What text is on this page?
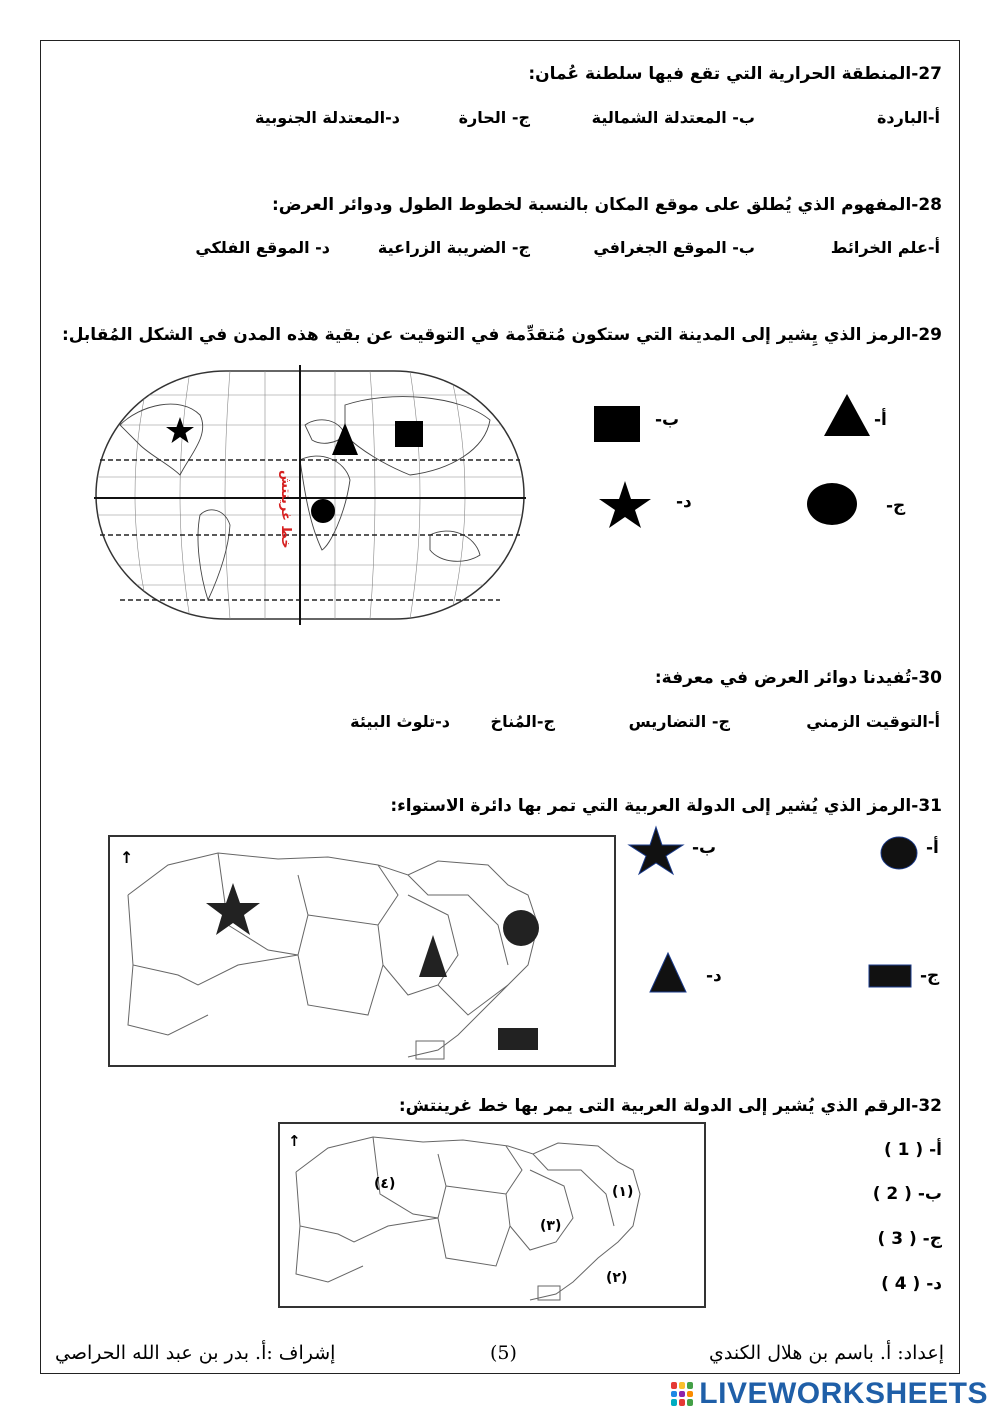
27-المنطقة الحرارية التي تقع فيها سلطنة عُمان:
أ-الباردة
ب- المعتدلة الشمالية
ج- الحارة
د-المعتدلة الجنوبية
28-المفهوم الذي يُطلق على موقع المكان بالنسبة لخطوط الطول ودوائر العرض:
أ-علم الخرائط
ب- الموقع الجغرافي
ج- الضريبة الزراعية
د- الموقع الفلكي
29-الرمز الذي يِشير إلى المدينة التي ستكون مُتقدِّمة في التوقيت عن بقية هذه المدن في الشكل المُقابل:
خط غرينتش
أ-
ب-
ج-
د-
30-تُفيدنا دوائر العرض في معرفة:
أ-التوقيت الزمني
ج- التضاريس
ج-المُناخ
د-تلوث البيئة
31-الرمز الذي يُشير إلى الدولة العربية التي تمر بها دائرة الاستواء:
↑	أ-
ب-
ج-
د-
32-الرقم الذي يُشير إلى الدولة العربية التى يمر بها خط غرينتش:
↑
(٤)	(١)
(٣)
(٢)
أ- ( 1 )
ب- ( 2 )
ج- ( 3 )
د- ( 4 )
إعداد: أ. باسم بن هلال الكندي
(5)
إشراف :أ. بدر بن عبد الله الحراصي
LIVEWORKSHEETS
